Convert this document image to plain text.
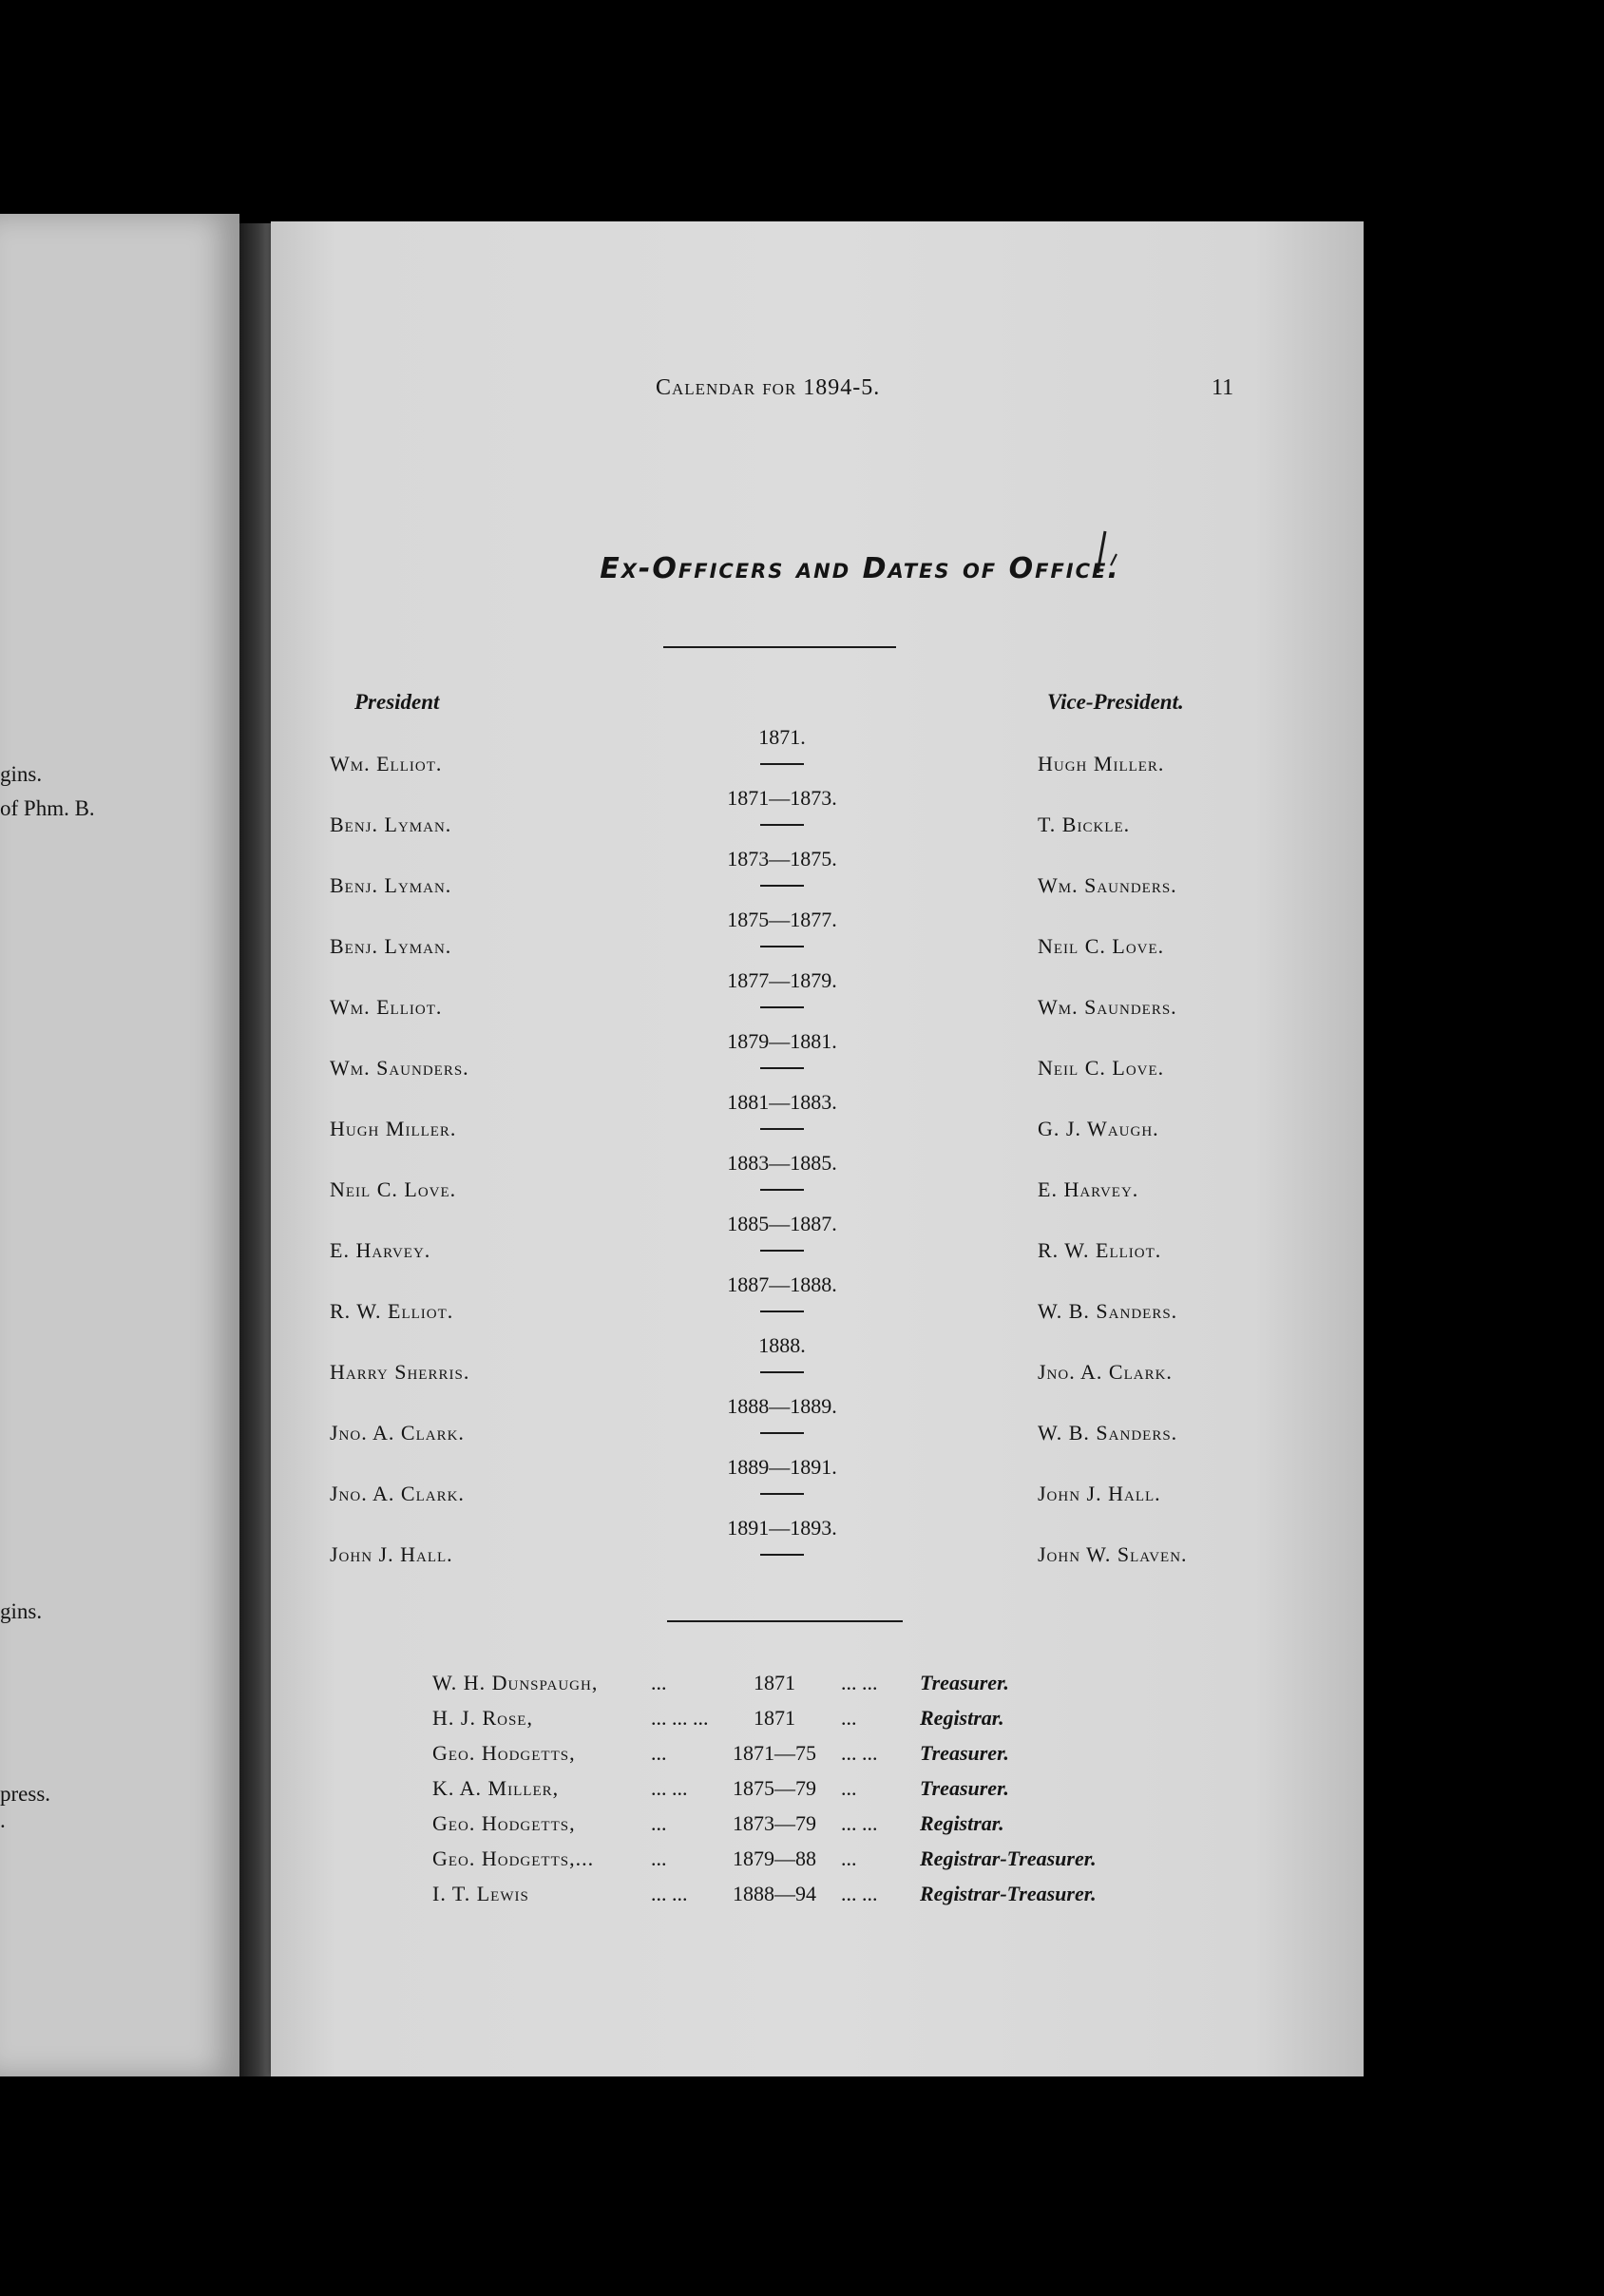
gins.
of Phm. B.
gins.
press.
.
Calendar for 1894-5.	11
Ex-Officers and Dates of Office.
President	Vice-President.
1871.
Wm. Elliot.	Hugh Miller.
1871—1873.
Benj. Lyman.	T. Bickle.
1873—1875.
Benj. Lyman.	Wm. Saunders.
1875—1877.
Benj. Lyman.	Neil C. Love.
1877—1879.
Wm. Elliot.	Wm. Saunders.
1879—1881.
Wm. Saunders.	Neil C. Love.
1881—1883.
Hugh Miller.	G. J. Waugh.
1883—1885.
Neil C. Love.	E. Harvey.
1885—1887.
E. Harvey.	R. W. Elliot.
1887—1888.
R. W. Elliot.	W. B. Sanders.
1888.
Harry Sherris.	Jno. A. Clark.
1888—1889.
Jno. A. Clark.	W. B. Sanders.
1889—1891.
Jno. A. Clark.	John J. Hall.
1891—1893.
John J. Hall.	John W. Slaven.
W. H. Dunspaugh,	...	1871	... ... Treasurer.
H. J. Rose,	... ... ...	1871	...	Registrar.
Geo. Hodgetts,	...	1871—75	... ... Treasurer.
K. A. Miller,	... ...	1875—79	...	Treasurer.
Geo. Hodgetts,	...	1873—79	... ... Registrar.
Geo. Hodgetts,...	...	1879—88	...	Registrar-Treasurer.
I. T. Lewis	... ...	1888—94	... ... Registrar-Treasurer.
